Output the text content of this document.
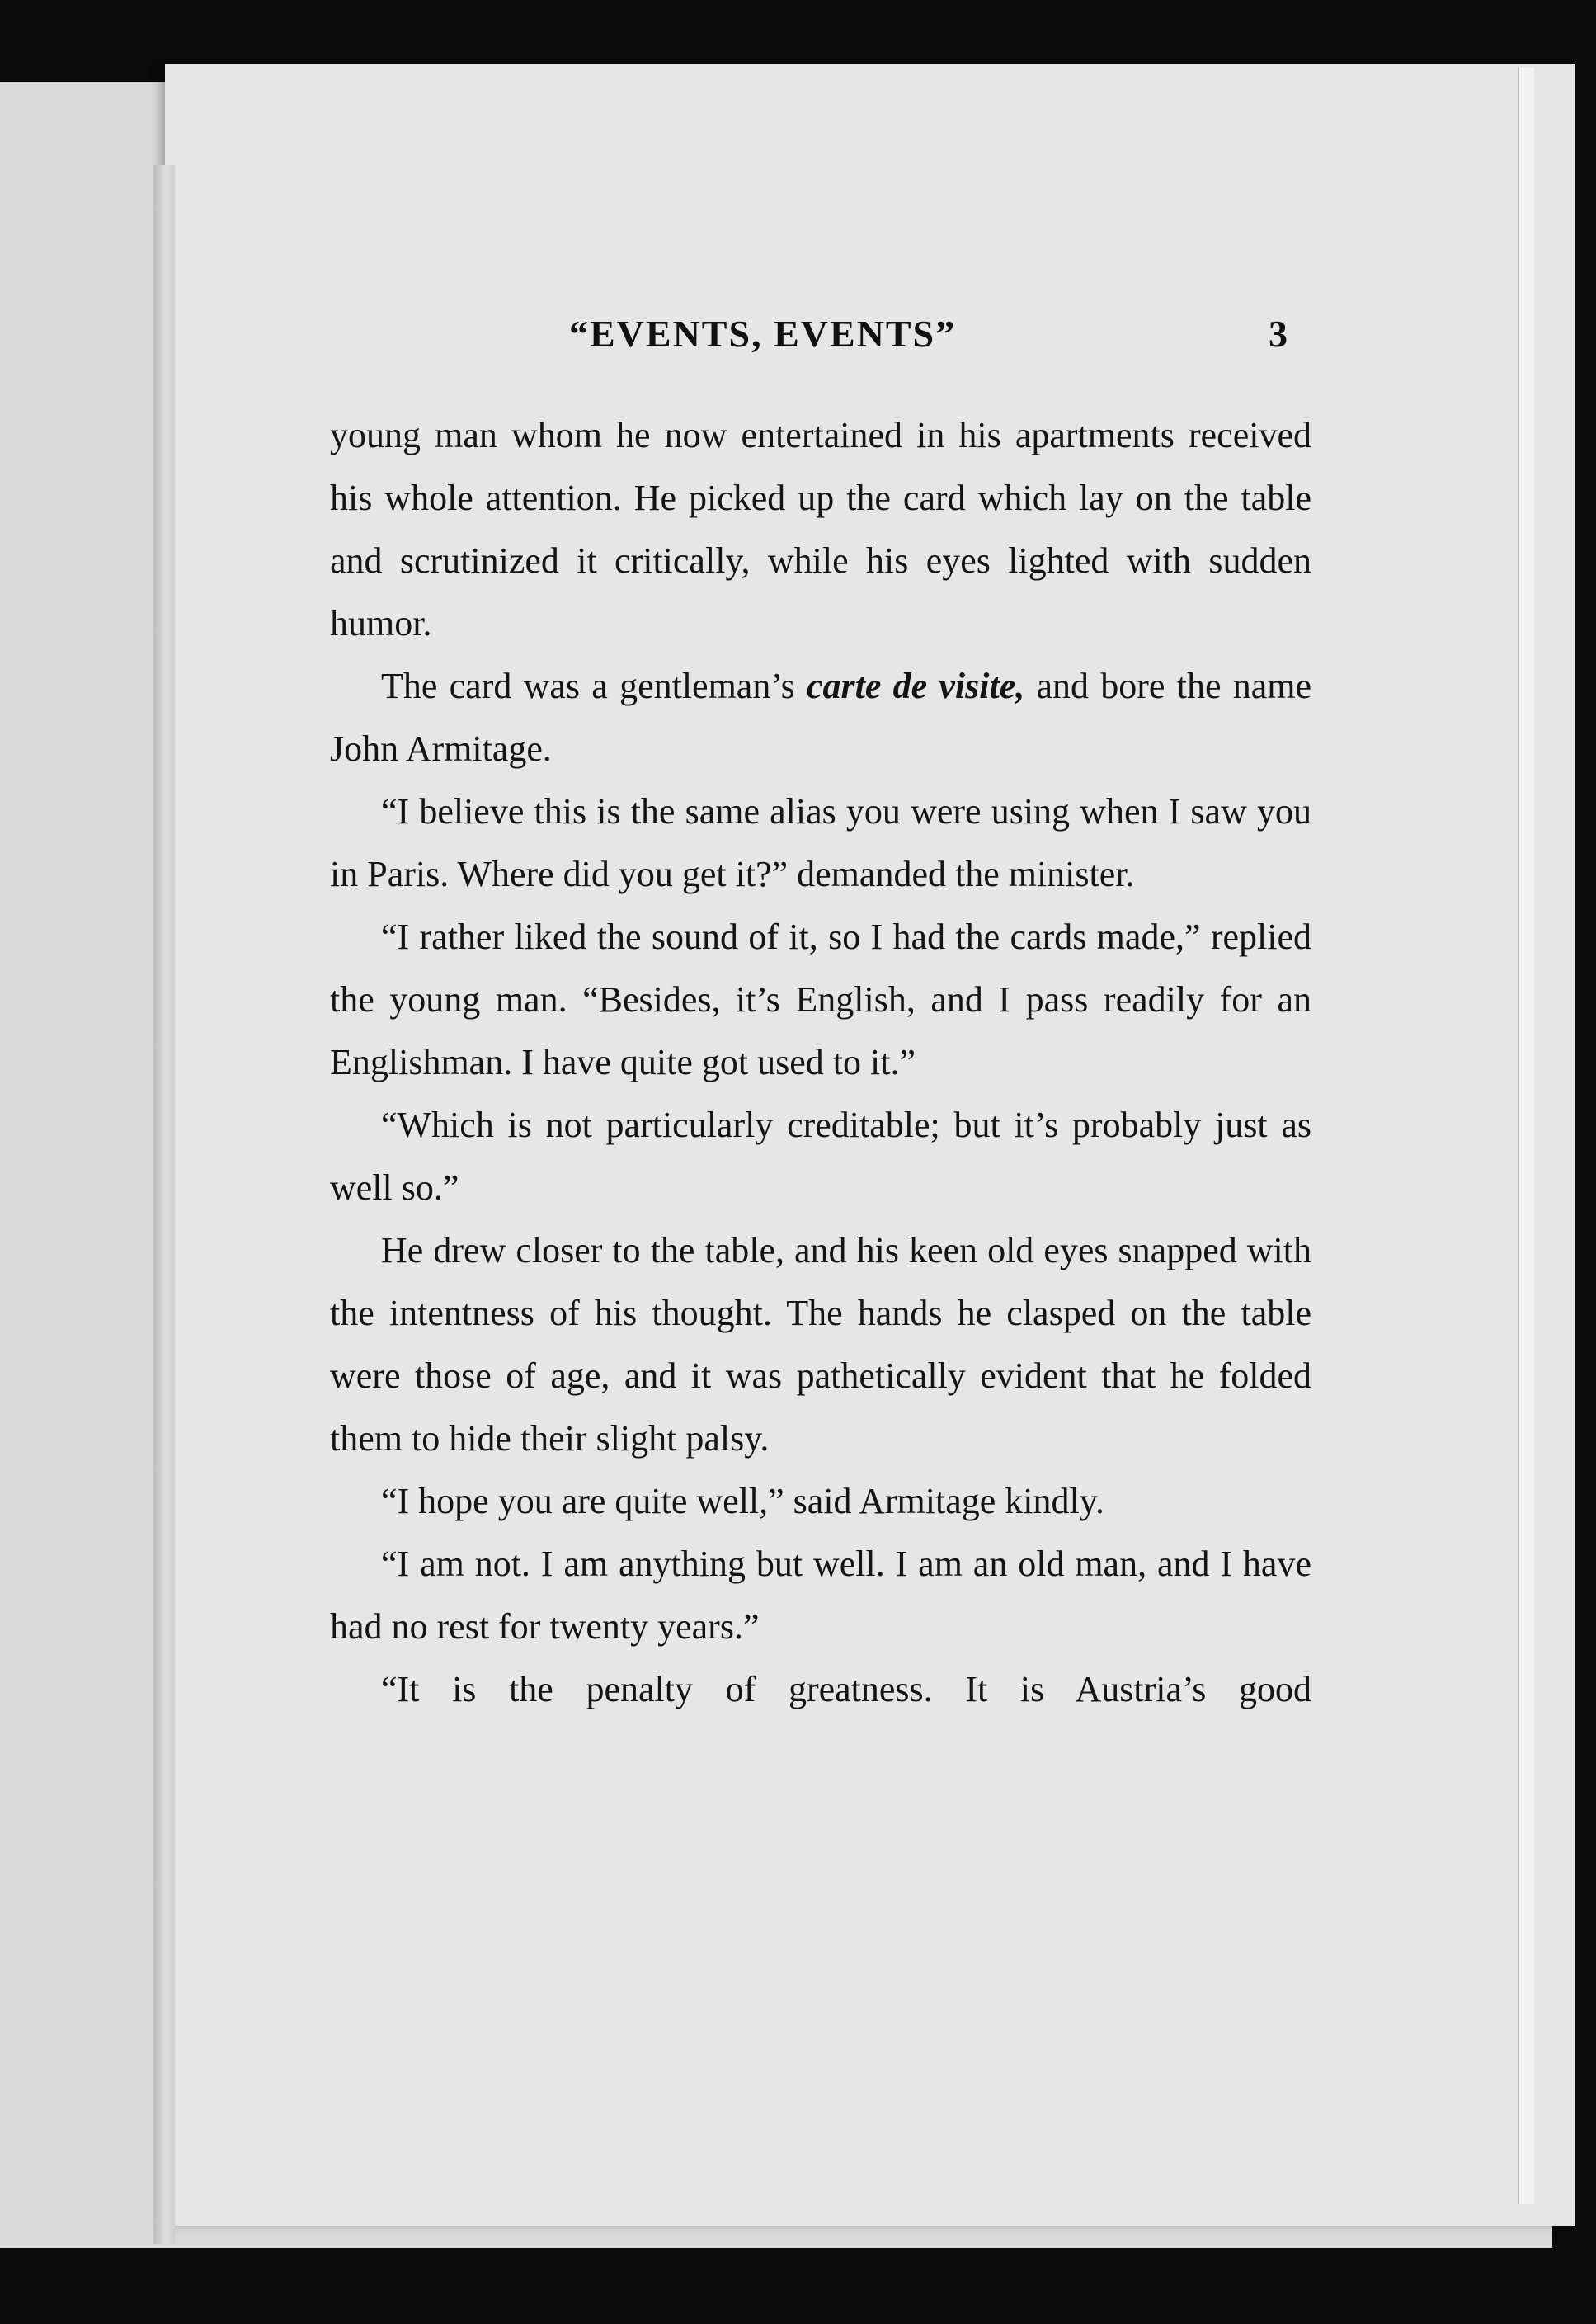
“EVENTS, EVENTS”	3

young man whom he now entertained in his apartments received his whole attention. He picked up the card which lay on the table and scrutinized it critically, while his eyes lighted with sudden humor.

The card was a gentleman’s carte de visite, and bore the name John Armitage.

“I believe this is the same alias you were using when I saw you in Paris. Where did you get it?” demanded the minister.

“I rather liked the sound of it, so I had the cards made,” replied the young man. “Besides, it’s English, and I pass readily for an Englishman. I have quite got used to it.”

“Which is not particularly creditable; but it’s probably just as well so.”

He drew closer to the table, and his keen old eyes snapped with the intentness of his thought. The hands he clasped on the table were those of age, and it was pathetically evident that he folded them to hide their slight palsy.

“I hope you are quite well,” said Armitage kindly.

“I am not. I am anything but well. I am an old man, and I have had no rest for twenty years.”

“It is the penalty of greatness. It is Austria’s good
